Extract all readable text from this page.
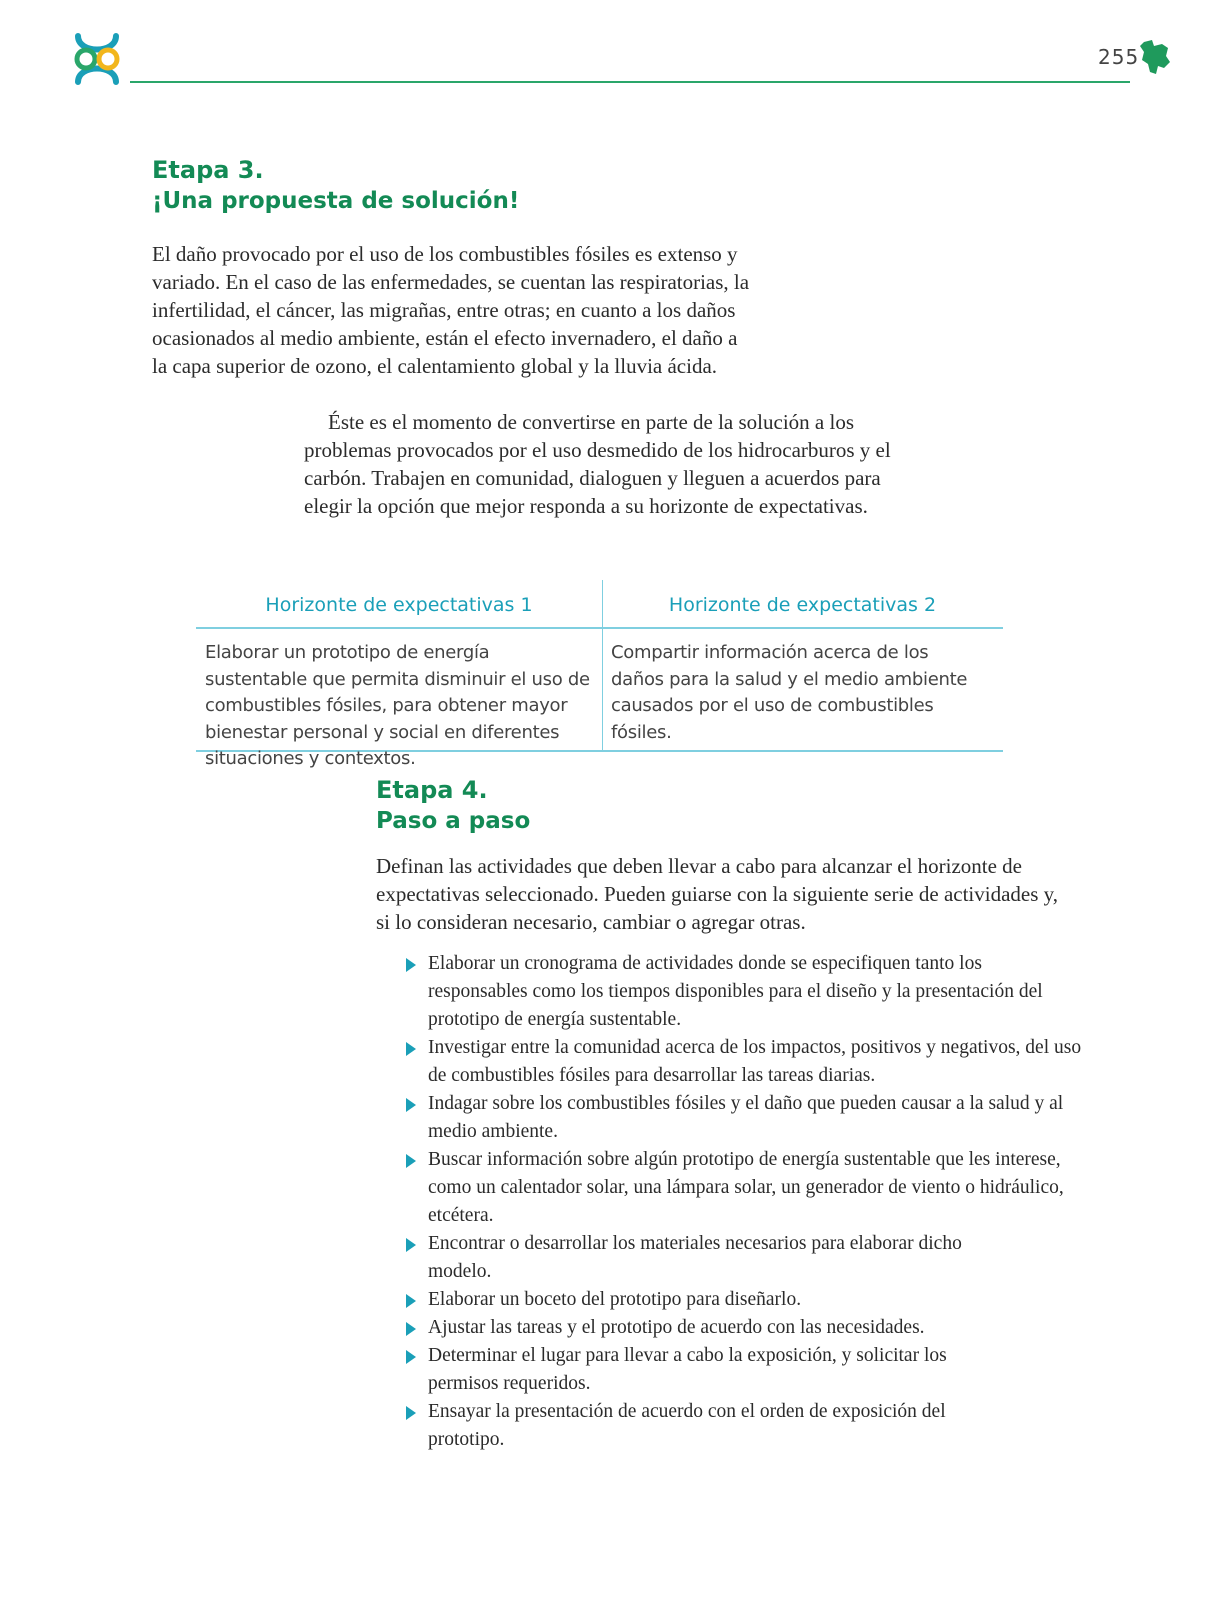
255
Etapa 3.
¡Una propuesta de solución!

El daño provocado por el uso de los combustibles fósiles es extenso y variado. En el caso de las enfermedades, se cuentan las respiratorias, la infertilidad, el cáncer, las migrañas, entre otras; en cuanto a los daños ocasionados al medio ambiente, están el efecto invernadero, el daño a la capa superior de ozono, el calentamiento global y la lluvia ácida.

Éste es el momento de convertirse en parte de la solución a los problemas provocados por el uso desmedido de los hidrocarburos y el carbón. Trabajen en comunidad, dialoguen y lleguen a acuerdos para elegir la opción que mejor responda a su horizonte de expectativas.

Horizonte de expectativas 1	Horizonte de expectativas 2

Elaborar un prototipo de energía sustentable que permita disminuir el uso de combustibles fósiles, para obtener mayor bienestar personal y social en diferentes situaciones y contextos.

Compartir información acerca de los daños para la salud y el medio ambiente causados por el uso de combustibles fósiles.

Etapa 4.
Paso a paso

Definan las actividades que deben llevar a cabo para alcanzar el horizonte de expectativas seleccionado. Pueden guiarse con la siguiente serie de actividades y, si lo consideran necesario, cambiar o agregar otras.

Elaborar un cronograma de actividades donde se especifiquen tanto los responsables como los tiempos disponibles para el diseño y la presentación del prototipo de energía sustentable.
Investigar entre la comunidad acerca de los impactos, positivos y negativos, del uso de combustibles fósiles para desarrollar las tareas diarias.
Indagar sobre los combustibles fósiles y el daño que pueden causar a la salud y al medio ambiente.
Buscar información sobre algún prototipo de energía sustentable que les interese, como un calentador solar, una lámpara solar, un generador de viento o hidráulico, etcétera.
Encontrar o desarrollar los materiales necesarios para elaborar dicho modelo.
Elaborar un boceto del prototipo para diseñarlo.
Ajustar las tareas y el prototipo de acuerdo con las necesidades.
Determinar el lugar para llevar a cabo la exposición, y solicitar los permisos requeridos.
Ensayar la presentación de acuerdo con el orden de exposición del prototipo.
